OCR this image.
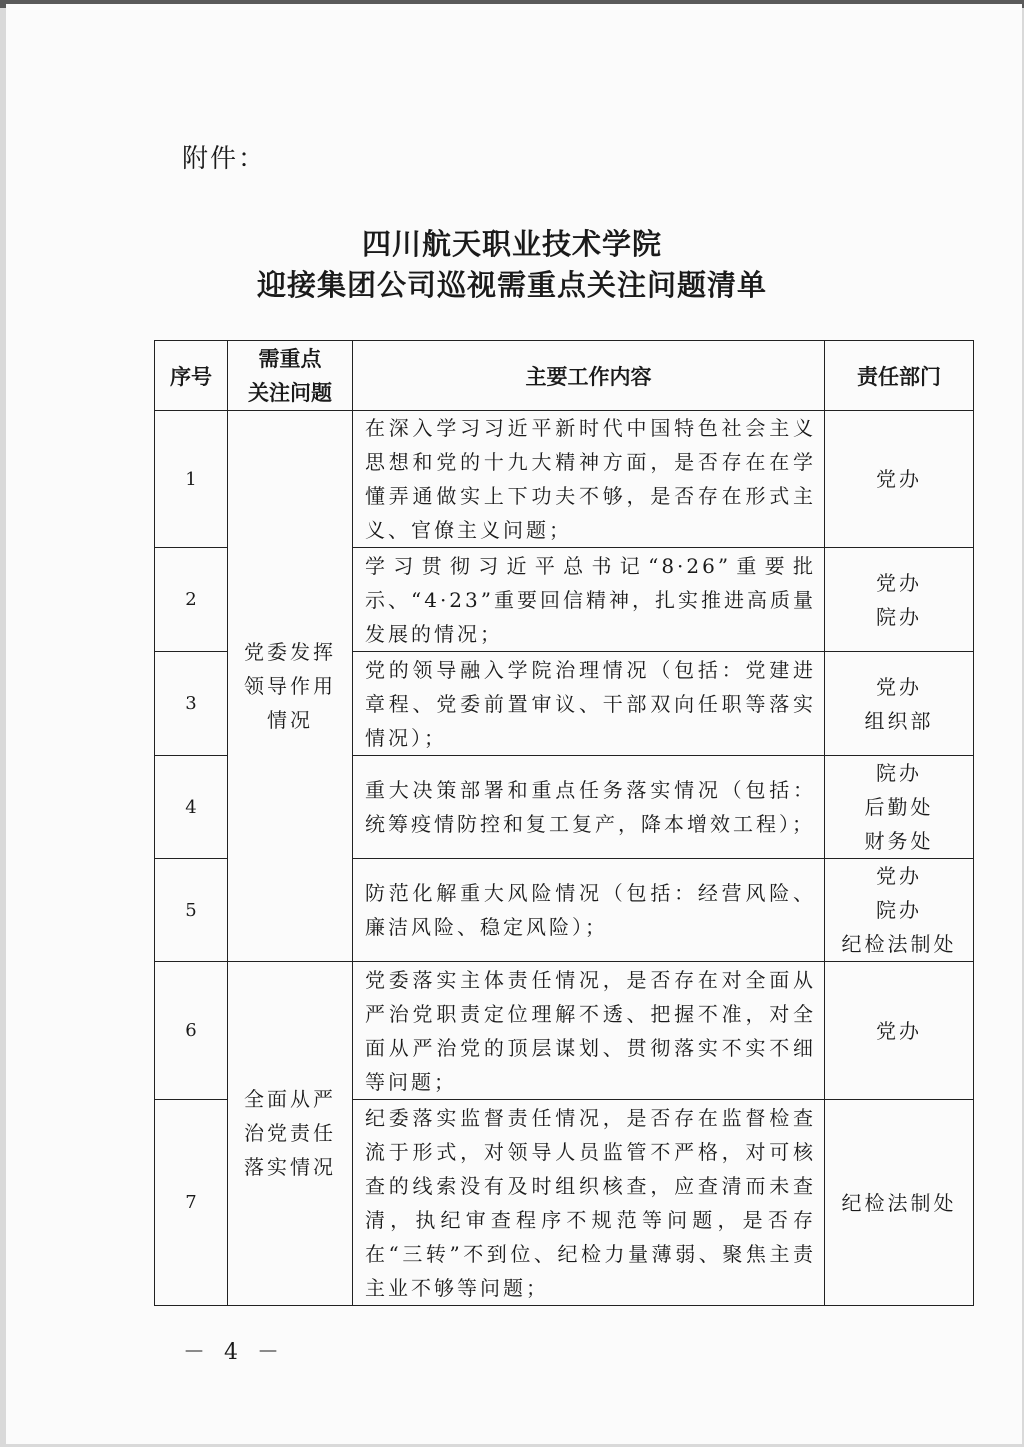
附件：
四川航天职业技术学院
迎接集团公司巡视需重点关注问题清单
序号	需重点
关注问题	主要工作内容	责任部门
1	党委发挥
领导作用
情况	在深入学习习近平新时代中国特色社会主义思想和党的十九大精神方面，是否存在在学懂弄通做实上下功夫不够，是否存在形式主义、官僚主义问题；	党办

2		学习贯彻习近平总书记“8·26”重要批示、“4·23”重要回信精神，扎实推进高质量发展的情况；	党办
院办

3		党的领导融入学院治理情况（包括：党建进章程、党委前置审议、干部双向任职等落实情况）；	党办
组织部

4		重大决策部署和重点任务落实情况（包括：统筹疫情防控和复工复产，降本增效工程）；	院办
后勤处
财务处

5		防范化解重大风险情况（包括：经营风险、廉洁风险、稳定风险）；	党办
院办
纪检法制处

6	全面从严
治党责任
落实情况	党委落实主体责任情况，是否存在对全面从严治党职责定位理解不透、把握不准，对全面从严治党的顶层谋划、贯彻落实不实不细等问题；	党办

7		纪委落实监督责任情况，是否存在监督检查流于形式，对领导人员监管不严格，对可核查的线索没有及时组织核查，应查清而未查清，执纪审查程序不规范等问题，是否存在“三转”不到位、纪检力量薄弱、聚焦主责主业不够等问题；	纪检法制处
－ 4 －
